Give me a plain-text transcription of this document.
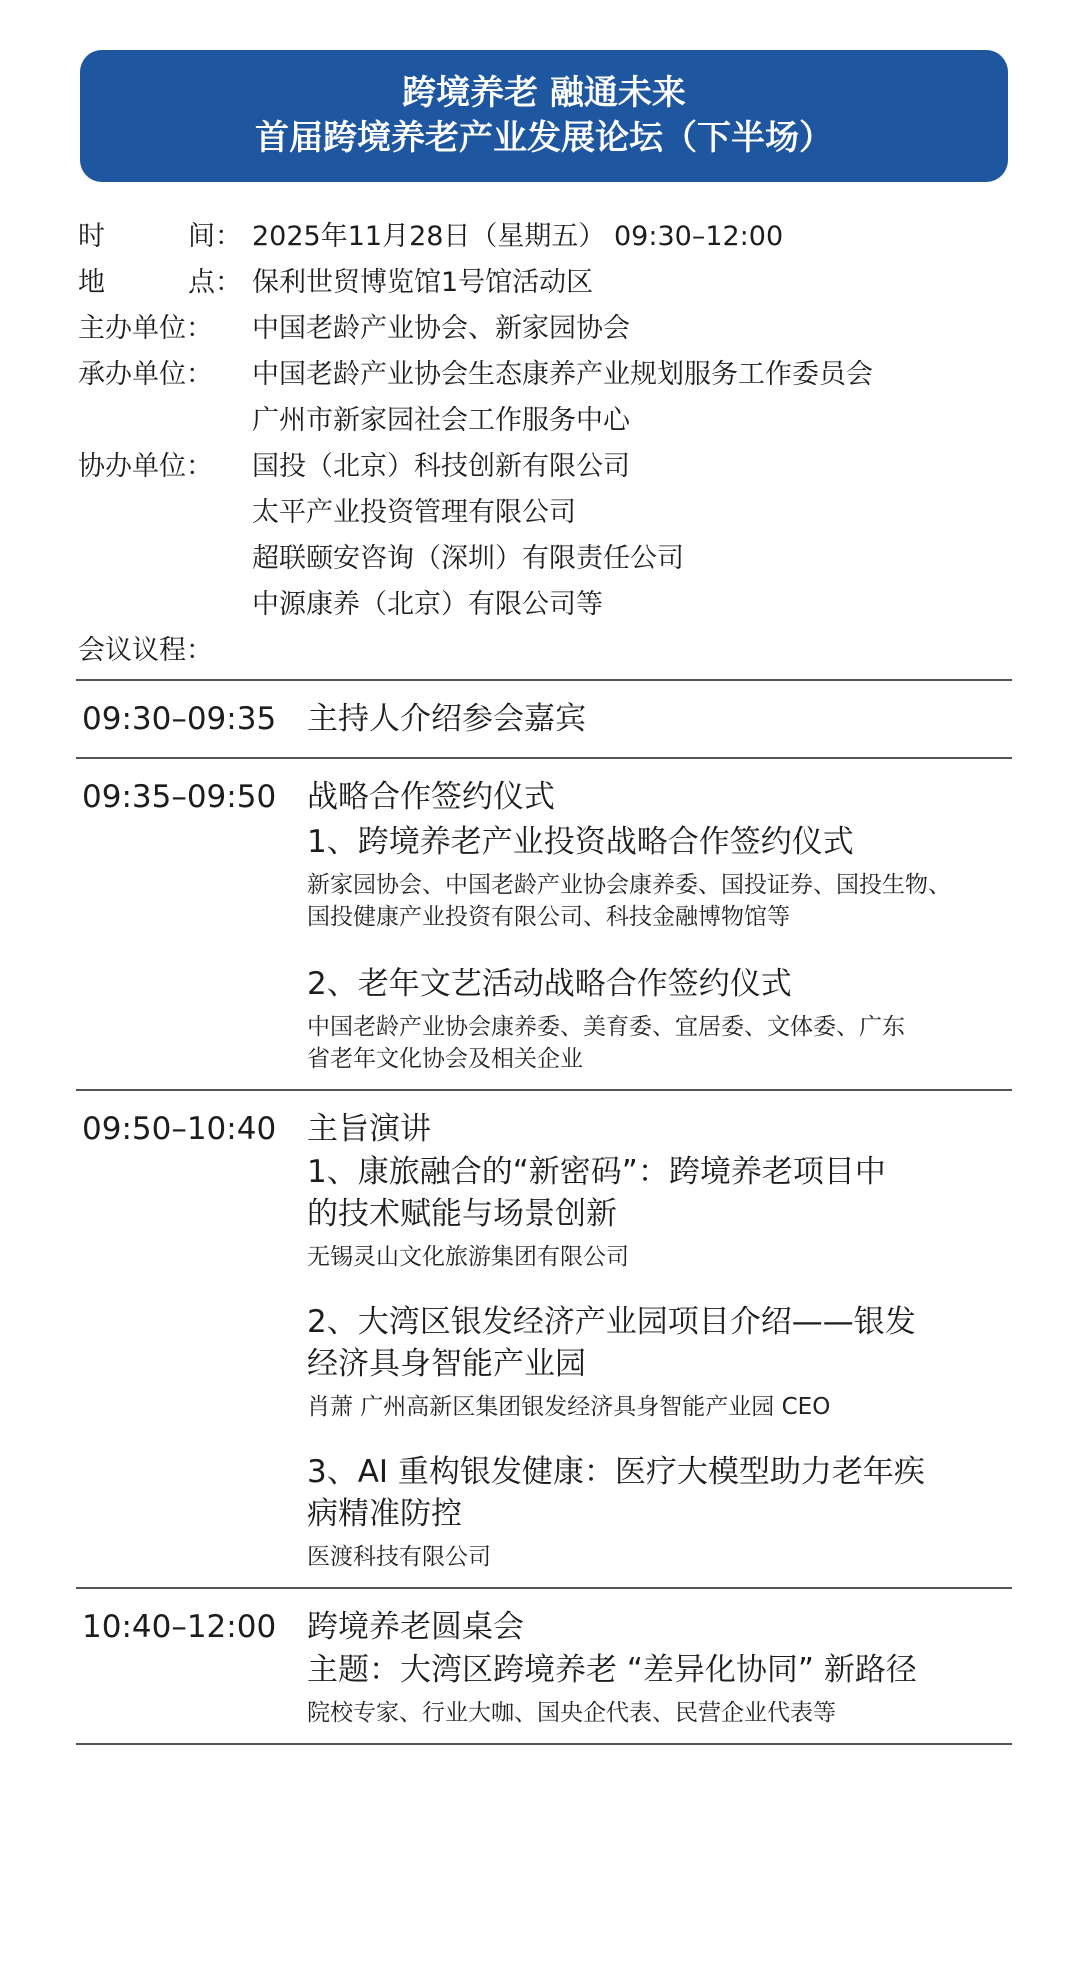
跨境养老 融通未来
首届跨境养老产业发展论坛（下半场）
时	间： 2025年11月28日（星期五） 09:30–12:00
地	点： 保利世贸博览馆1号馆活动区
主办单位： 中国老龄产业协会、新家园协会
承办单位： 中国老龄产业协会生态康养产业规划服务工作委员会
广州市新家园社会工作服务中心
协办单位： 国投（北京）科技创新有限公司
太平产业投资管理有限公司
超联颐安咨询（深圳）有限责任公司
中源康养（北京）有限公司等
会议议程：
09:30–09:35 主持人介绍参会嘉宾
09:35–09:50 战略合作签约仪式
1、跨境养老产业投资战略合作签约仪式
新家园协会、中国老龄产业协会康养委、国投证券、国投生物、
国投健康产业投资有限公司、科技金融博物馆等
2、老年文艺活动战略合作签约仪式
中国老龄产业协会康养委、美育委、宜居委、文体委、广东
省老年文化协会及相关企业
09:50–10:40 主旨演讲
1、康旅融合的“新密码”：跨境养老项目中
的技术赋能与场景创新
无锡灵山文化旅游集团有限公司
2、大湾区银发经济产业园项目介绍——银发
经济具身智能产业园
肖萧 广州高新区集团银发经济具身智能产业园 CEO
3、AI 重构银发健康：医疗大模型助力老年疾
病精准防控
医渡科技有限公司
10:40–12:00 跨境养老圆桌会
主题：大湾区跨境养老 “差异化协同” 新路径
院校专家、行业大咖、国央企代表、民营企业代表等
